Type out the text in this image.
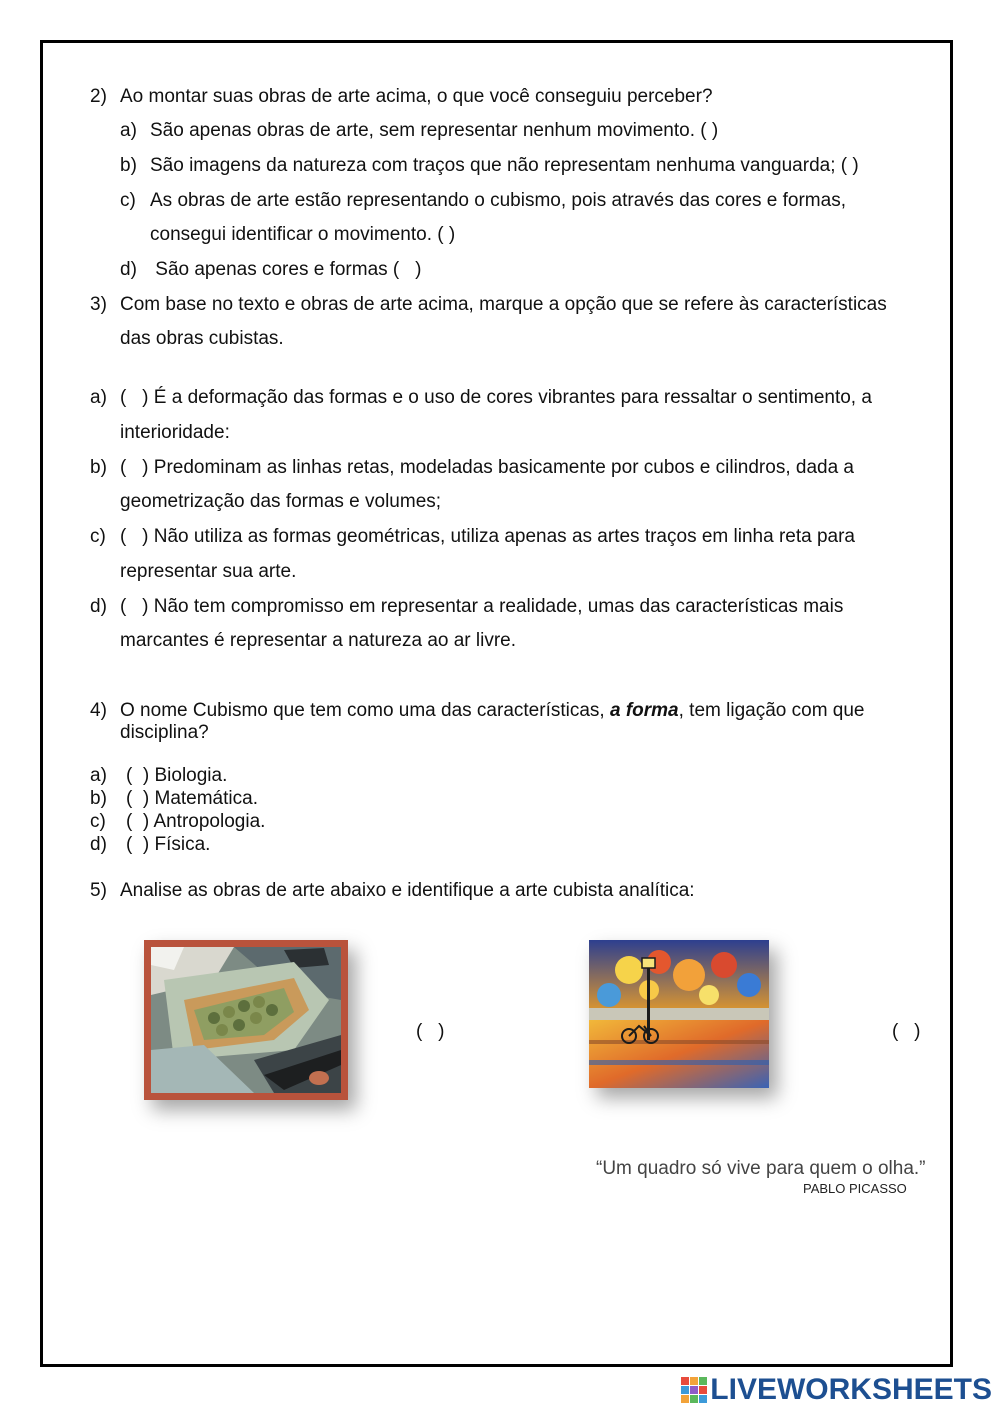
2) Ao montar suas obras de arte acima, o que você conseguiu perceber?
a) São apenas obras de arte, sem representar nenhum movimento. ( )
b) São imagens da natureza com traços que não representam nenhuma vanguarda; ( )
c) As obras de arte estão representando o cubismo, pois através das cores e formas,
consegui identificar o movimento. ( )
d) São apenas cores e formas (   )
3) Com base no texto e obras de arte acima, marque a opção que se refere às características
das obras cubistas.
a) (   ) É a deformação das formas e o uso de cores vibrantes para ressaltar o sentimento, a
interioridade:
b) (   ) Predominam as linhas retas, modeladas basicamente por cubos e cilindros, dada a
geometrização das formas e volumes;
c) (   ) Não utiliza as formas geométricas, utiliza apenas as artes traços em linha reta para
representar sua arte.
d) (   ) Não tem compromisso em representar a realidade, umas das características mais
marcantes é representar a natureza ao ar livre.
4) O nome Cubismo que tem como uma das características, a forma, tem ligação com que
disciplina?
a) (  ) Biologia.
b) (  ) Matemática.
c) (  ) Antropologia.
d) (  ) Física.
5) Analise as obras de arte abaixo e identifique a arte cubista analítica:
(   )	(   )
“Um quadro só vive para quem o olha.”
PABLO PICASSO
LIVEWORKSHEETS
